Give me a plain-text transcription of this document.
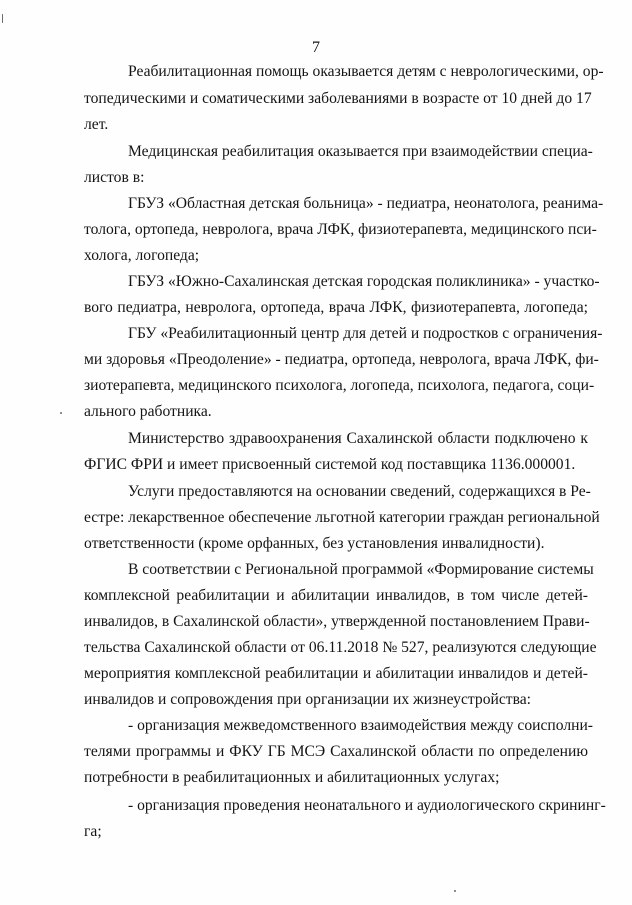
7
Реабилитационная помощь оказывается детям с неврологическими, ор-
топедическими и соматическими заболеваниями в возрасте от 10 дней до 17
лет.
Медицинская реабилитация оказывается при взаимодействии специа-
листов в:
ГБУЗ «Областная детская больница» - педиатра, неонатолога, реанима-
толога, ортопеда, невролога, врача ЛФК, физиотерапевта, медицинского пси-
холога, логопеда;
ГБУЗ «Южно-Сахалинская детская городская поликлиника» - участко-
вого педиатра, невролога, ортопеда, врача ЛФК, физиотерапевта, логопеда;
ГБУ «Реабилитационный центр для детей и подростков с ограничения-
ми здоровья «Преодоление» - педиатра, ортопеда, невролога, врача ЛФК, фи-
зиотерапевта, медицинского психолога, логопеда, психолога, педагога, соци-
ального работника.
Министерство здравоохранения Сахалинской области подключено к
ФГИС ФРИ и имеет присвоенный системой код поставщика 1136.000001.
Услуги предоставляются на основании сведений, содержащихся в Ре-
естре: лекарственное обеспечение льготной категории граждан региональной
ответственности (кроме орфанных, без установления инвалидности).
В соответствии с Региональной программой «Формирование системы
комплексной реабилитации и абилитации инвалидов, в том числе детей-
инвалидов, в Сахалинской области», утвержденной постановлением Прави-
тельства Сахалинской области от 06.11.2018 № 527, реализуются следующие
мероприятия комплексной реабилитации и абилитации инвалидов и детей-
инвалидов и сопровождения при организации их жизнеустройства:
- организация межведомственного взаимодействия между соисполни-
телями программы и ФКУ ГБ МСЭ Сахалинской области по определению
потребности в реабилитационных и абилитационных услугах;
- организация проведения неонатального и аудиологического скрининг-
га;
